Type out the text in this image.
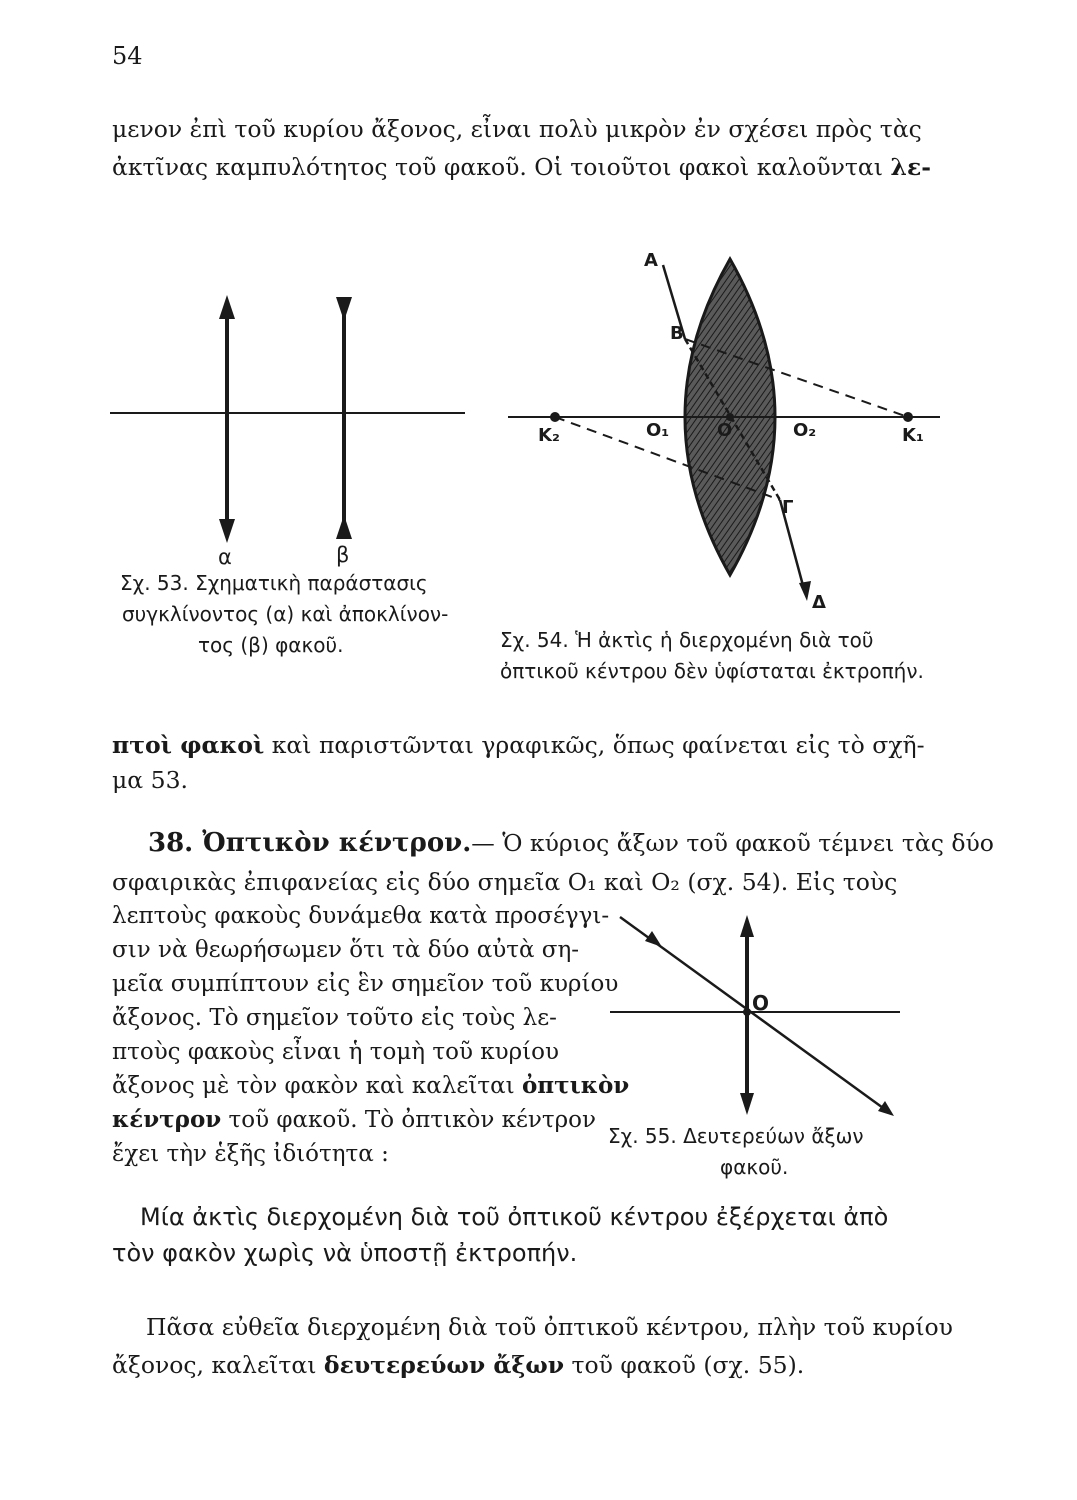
54
μενον ἐπὶ τοῦ κυρίου ἄξονος, εἶναι πολὺ μικρὸν ἐν σχέσει πρὸς τὰς
ἀκτῖνας καμπυλότητος τοῦ φακοῦ. Οἱ τοιοῦτοι φακοὶ καλοῦνται λε-
α	β
Σχ. 53. Σχηματικὴ παράστασις
συγκλίνοντος (α) καὶ ἀποκλίνον-
τος (β) φακοῦ.
Α
Β
Κ₂	Ο₁	Ο	Ο₂	Κ₁
Γ
Δ
Σχ. 54. Ἡ ἀκτὶς ἡ διερχομένη διὰ τοῦ
ὀπτικοῦ κέντρου δὲν ὑφίσταται ἐκτροπήν.
πτοὶ φακοὶ καὶ παριστῶνται γραφικῶς, ὅπως φαίνεται εἰς τὸ σχῆ-
μα 53.
38. Ὀπτικὸν κέντρον.— Ὁ κύριος ἄξων τοῦ φακοῦ τέμνει τὰς δύο
σφαιρικὰς ἐπιφανείας εἰς δύο σημεῖα Ο₁ καὶ Ο₂ (σχ. 54). Εἰς τοὺς
λεπτοὺς φακοὺς δυνάμεθα κατὰ προσέγγι-
σιν νὰ θεωρήσωμεν ὅτι τὰ δύο αὐτὰ ση-
μεῖα συμπίπτουν εἰς ἓν σημεῖον τοῦ κυρίου
ἄξονος. Τὸ σημεῖον τοῦτο εἰς τοὺς λε-
πτοὺς φακοὺς εἶναι ἡ τομὴ τοῦ κυρίου
ἄξονος μὲ τὸν φακὸν καὶ καλεῖται ὀπτικὸν
κέντρον τοῦ φακοῦ. Τὸ ὀπτικὸν κέντρον
ἔχει τὴν ἑξῆς ἰδιότητα :
Ο
Σχ. 55. Δευτερεύων ἄξων
φακοῦ.
Μία ἀκτὶς διερχομένη διὰ τοῦ ὀπτικοῦ κέντρου ἐξέρχεται ἀπὸ
τὸν φακὸν χωρὶς νὰ ὑποστῇ ἐκτροπήν.
Πᾶσα εὐθεῖα διερχομένη διὰ τοῦ ὀπτικοῦ κέντρου, πλὴν τοῦ κυρίου
ἄξονος, καλεῖται δευτερεύων ἄξων τοῦ φακοῦ (σχ. 55).
